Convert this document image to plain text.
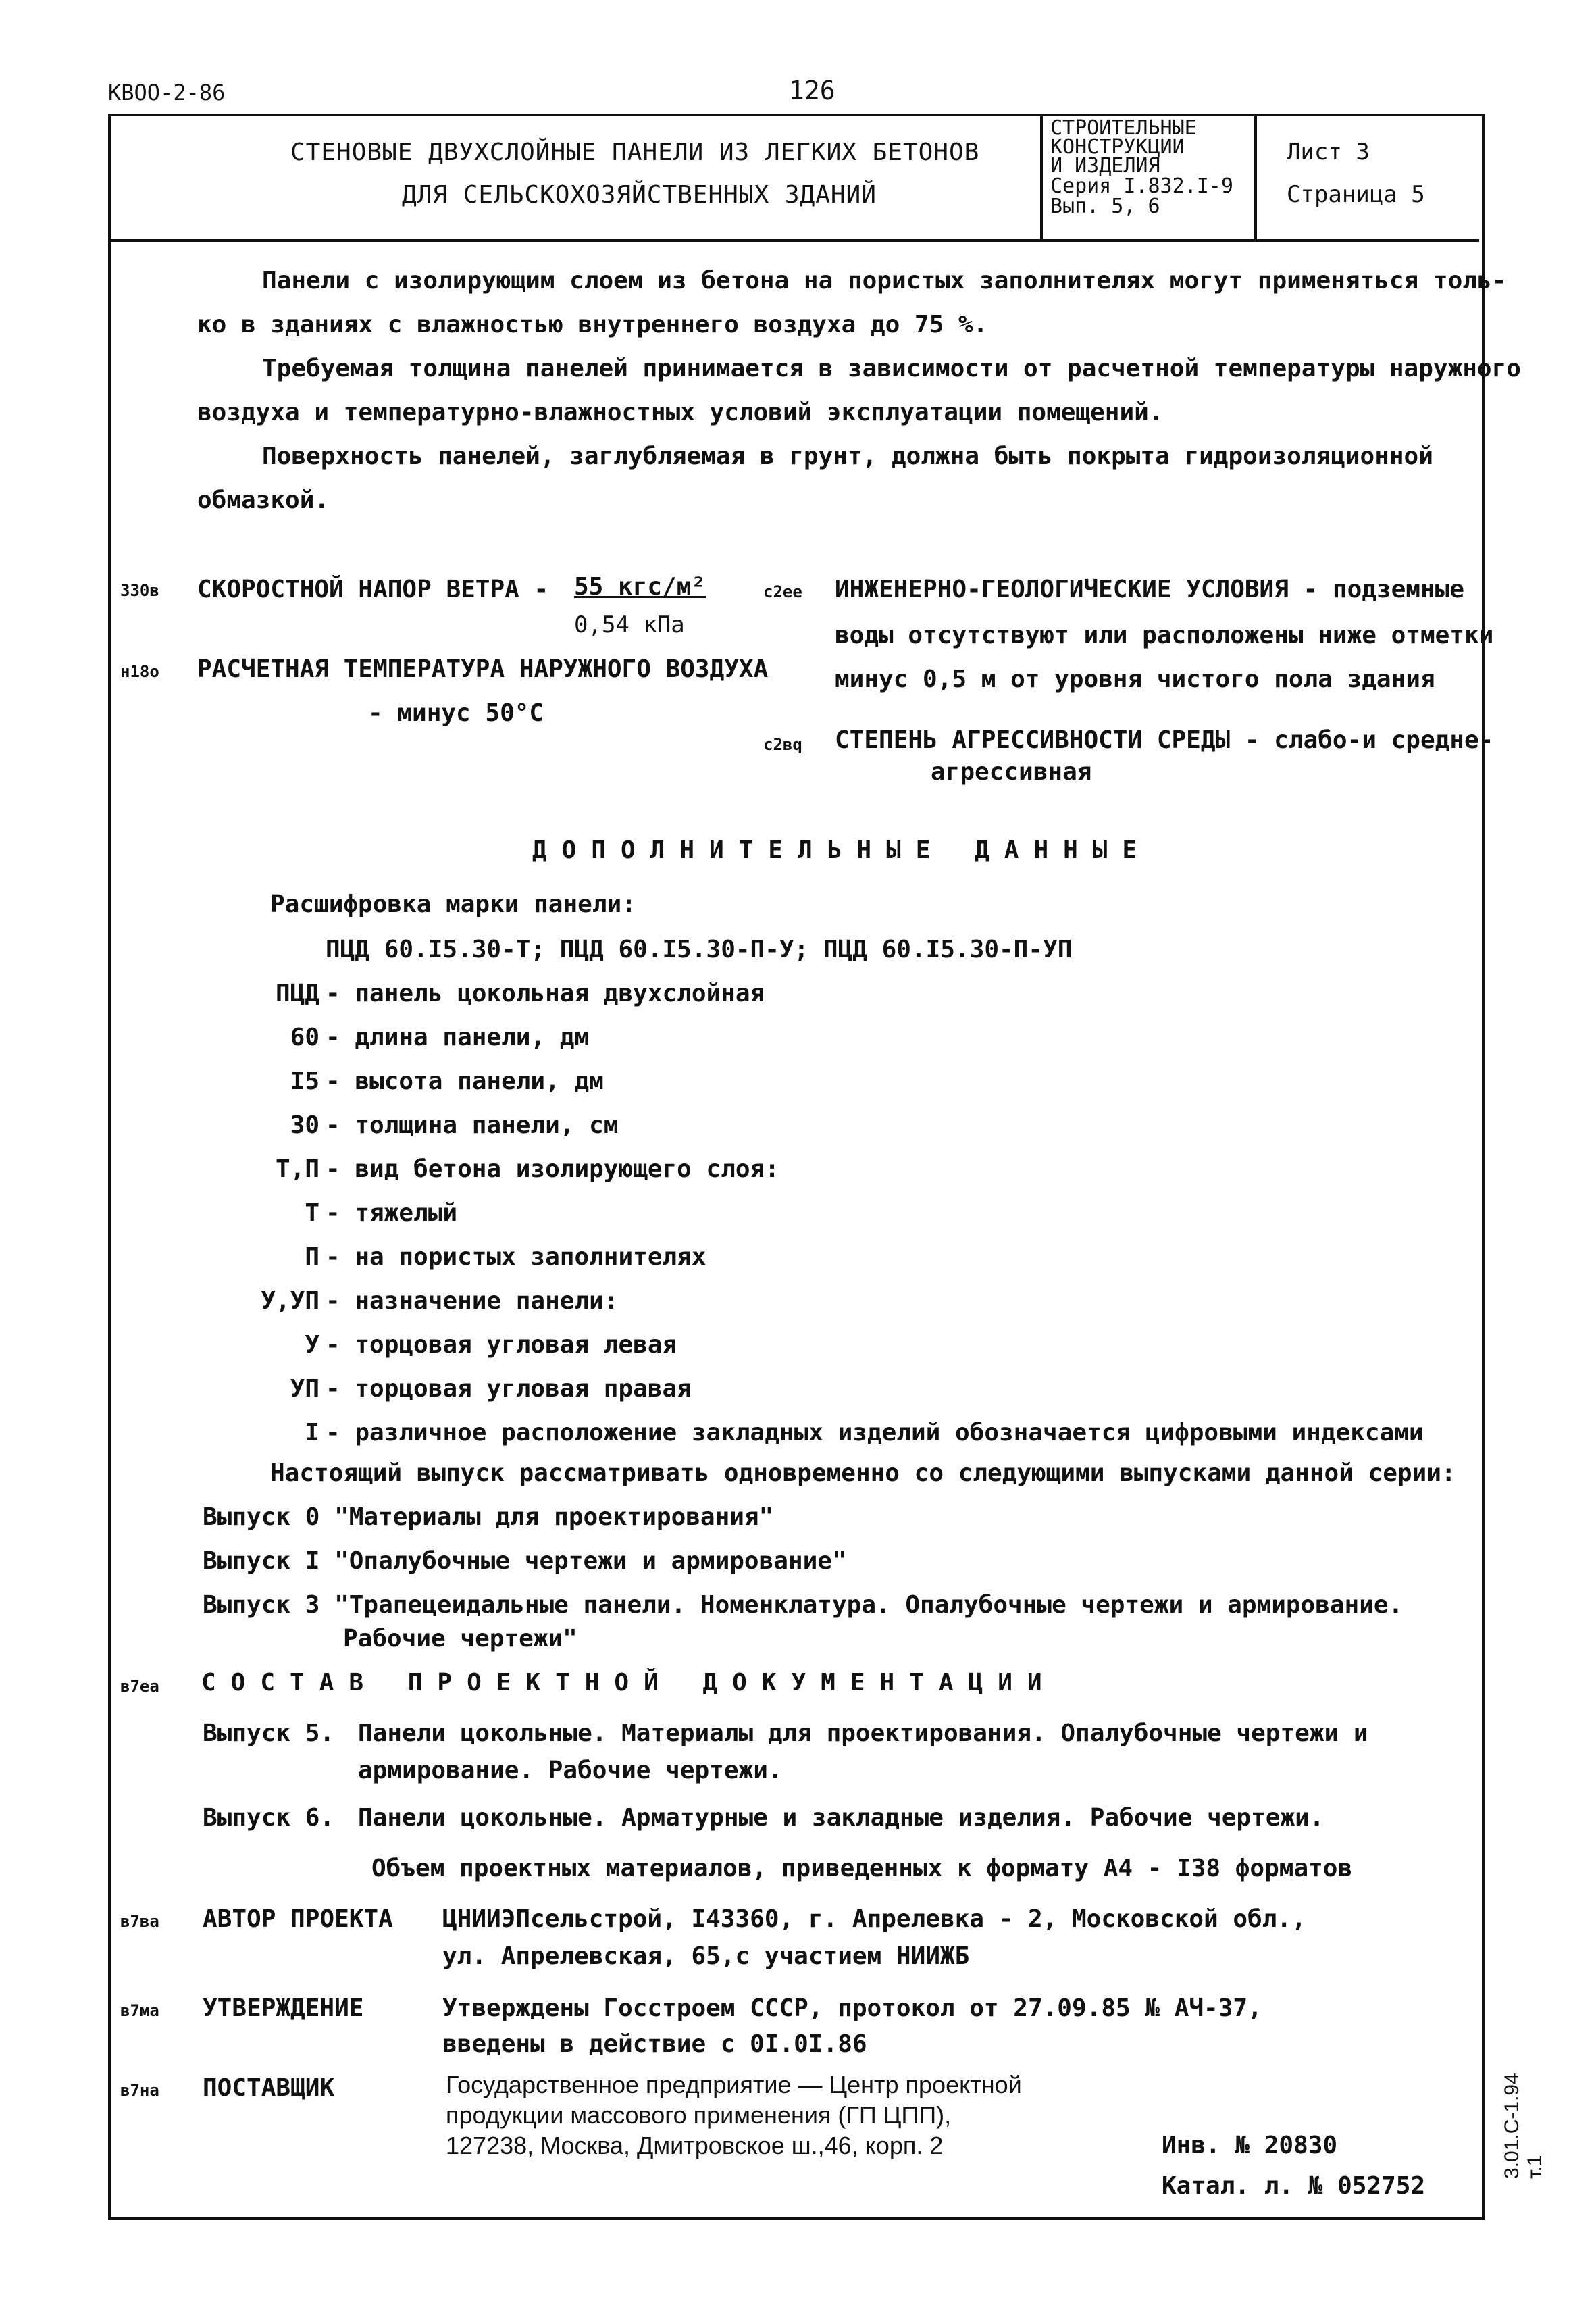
KBOO-2-86	126
СТЕНОВЫЕ ДВУХСЛОЙНЫЕ ПАНЕЛИ ИЗ ЛЕГКИХ БЕТОНОВ
ДЛЯ СЕЛЬСКОХОЗЯЙСТВЕННЫХ ЗДАНИЙ
СТРОИТЕЛЬНЫЕ
КОНСТРУКЦИИ
И ИЗДЕЛИЯ
Серия I.832.I-9
Вып. 5, 6
Лист 3
Страница 5
Панели с изолирующим слоем из бетона на пористых заполнителях могут применяться толь-
ко в зданиях с влажностью внутреннего воздуха до 75 %.
Требуемая толщина панелей принимается в зависимости от расчетной температуры наружного
воздуха и температурно-влажностных условий эксплуатации помещений.
Поверхность панелей, заглубляемая в грунт, должна быть покрыта гидроизоляционной
обмазкой.
330в СКОРОСТНОЙ НАПОР ВЕТРА - 55 кгс/м²
0,54 кПа
н18о РАСЧЕТНАЯ ТЕМПЕРАТУРА НАРУЖНОГО ВОЗДУХА
- минус 50°С
с2ее ИНЖЕНЕРНО-ГЕОЛОГИЧЕСКИЕ УСЛОВИЯ - подземные
воды отсутствуют или расположены ниже отметки
минус 0,5 м от уровня чистого пола здания
с2вq СТЕПЕНЬ АГРЕССИВНОСТИ СРЕДЫ - слабо-и средне-
агрессивная
ДОПОЛНИТЕЛЬНЫЕ ДАННЫЕ
Расшифровка марки панели:
ПЦД 60.I5.30-Т; ПЦД 60.I5.30-П-У; ПЦД 60.I5.30-П-УП
ПЦД - панель цокольная двухслойная
60 - длина панели, дм
I5 - высота панели, дм
30 - толщина панели, см
Т,П - вид бетона изолирующего слоя:
Т - тяжелый
П - на пористых заполнителях
У,УП - назначение панели:
У - торцовая угловая левая
УП - торцовая угловая правая
I - различное расположение закладных изделий обозначается цифровыми индексами
Настоящий выпуск рассматривать одновременно со следующими выпусками данной серии:
Выпуск 0 "Материалы для проектирования"
Выпуск I "Опалубочные чертежи и армирование"
Выпуск 3 "Трапецеидальные панели. Номенклатура. Опалубочные чертежи и армирование.
Рабочие чертежи"
в7еа СОСТАВ ПРОЕКТНОЙ ДОКУМЕНТАЦИИ
Выпуск 5. Панели цокольные. Материалы для проектирования. Опалубочные чертежи и
армирование. Рабочие чертежи.
Выпуск 6. Панели цокольные. Арматурные и закладные изделия. Рабочие чертежи.
Объем проектных материалов, приведенных к формату А4 - I38 форматов
в7ва АВТОР ПРОЕКТА ЦНИИЭПсельстрой, I43360, г. Апрелевка - 2, Московской обл.,
ул. Апрелевская, 65,с участием НИИЖБ
в7ма УТВЕРЖДЕНИЕ	Утверждены Госстроем СССР, протокол от 27.09.85 № АЧ-37,
введены в действие с 0I.0I.86
в7на ПОСТАВЩИК	Государственное предприятие — Центр проектной
продукции массового применения (ГП ЦПП),
127238, Москва, Дмитровское ш.,46, корп. 2	Инв. № 20830
Катал. л. № 052752
3.01.С-1.94 т.1
